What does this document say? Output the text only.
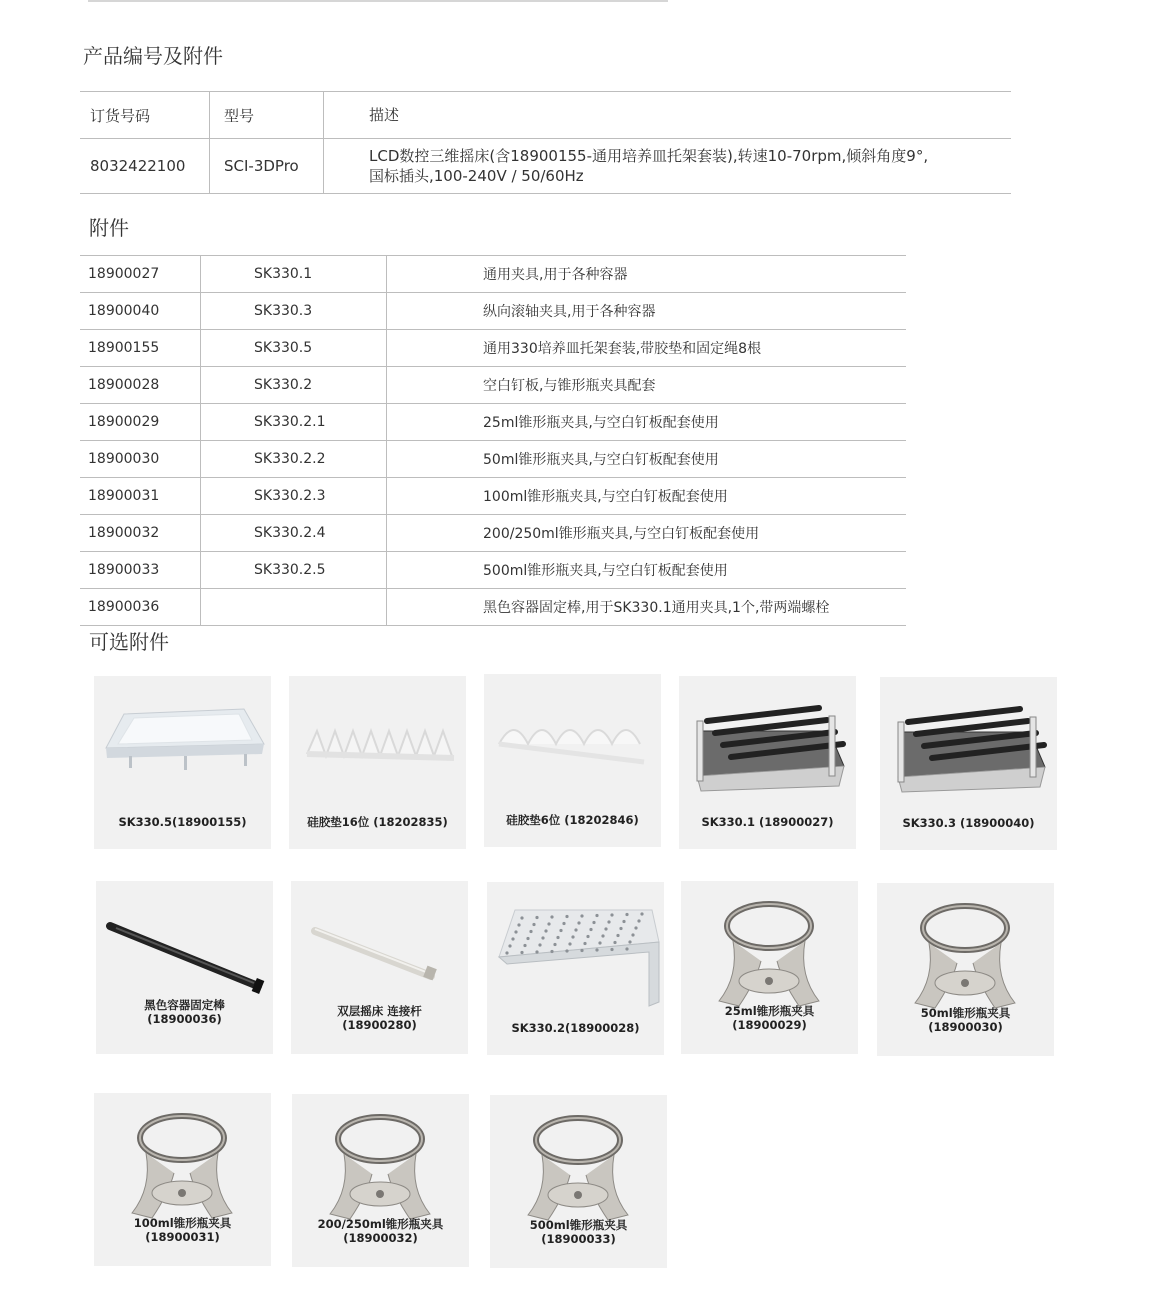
产品编号及附件
订货号码	型号	描述
8032422100	SCI-3DPro	LCD数控三维摇床(含18900155-通用培养皿托架套装),转速10-70rpm,倾斜角度9°,
国标插头,100-240V / 50/60Hz
附件
18900027	SK330.1	通用夹具,用于各种容器
18900040	SK330.3	纵向滚轴夹具,用于各种容器
18900155	SK330.5	通用330培养皿托架套装,带胶垫和固定绳8根
18900028	SK330.2	空白钉板,与锥形瓶夹具配套
18900029	SK330.2.1	25ml锥形瓶夹具,与空白钉板配套使用
18900030	SK330.2.2	50ml锥形瓶夹具,与空白钉板配套使用
18900031	SK330.2.3	100ml锥形瓶夹具,与空白钉板配套使用
18900032	SK330.2.4	200/250ml锥形瓶夹具,与空白钉板配套使用
18900033	SK330.2.5	500ml锥形瓶夹具,与空白钉板配套使用
18900036		黑色容器固定棒,用于SK330.1通用夹具,1个,带两端螺栓
可选附件
SK330.5(18900155)	硅胶垫16位 (18202835)	硅胶垫6位 (18202846)	SK330.1 (18900027)	SK330.3 (18900040)
黑色容器固定棒
(18900036)
双层摇床 连接杆
(18900280)	SK330.2(18900028)
25ml锥形瓶夹具
(18900029)
50ml锥形瓶夹具
(18900030)
100ml锥形瓶夹具
(18900031)
200/250ml锥形瓶夹具
(18900032)
500ml锥形瓶夹具
(18900033)
